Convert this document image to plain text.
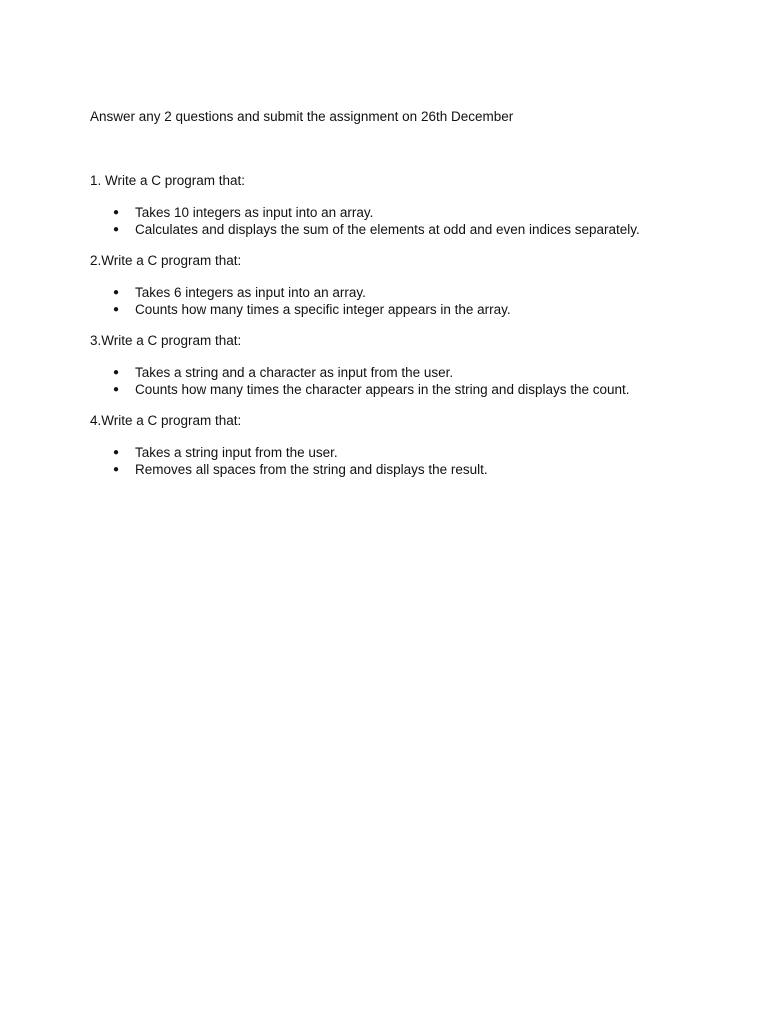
Answer any 2 questions and submit the assignment on 26th December

1. Write a C program that:

● Takes 10 integers as input into an array.
● Calculates and displays the sum of the elements at odd and even indices separately.

2.Write a C program that:

● Takes 6 integers as input into an array.
● Counts how many times a specific integer appears in the array.

3.Write a C program that:

● Takes a string and a character as input from the user.
● Counts how many times the character appears in the string and displays the count.

4.Write a C program that:

● Takes a string input from the user.
● Removes all spaces from the string and displays the result.
